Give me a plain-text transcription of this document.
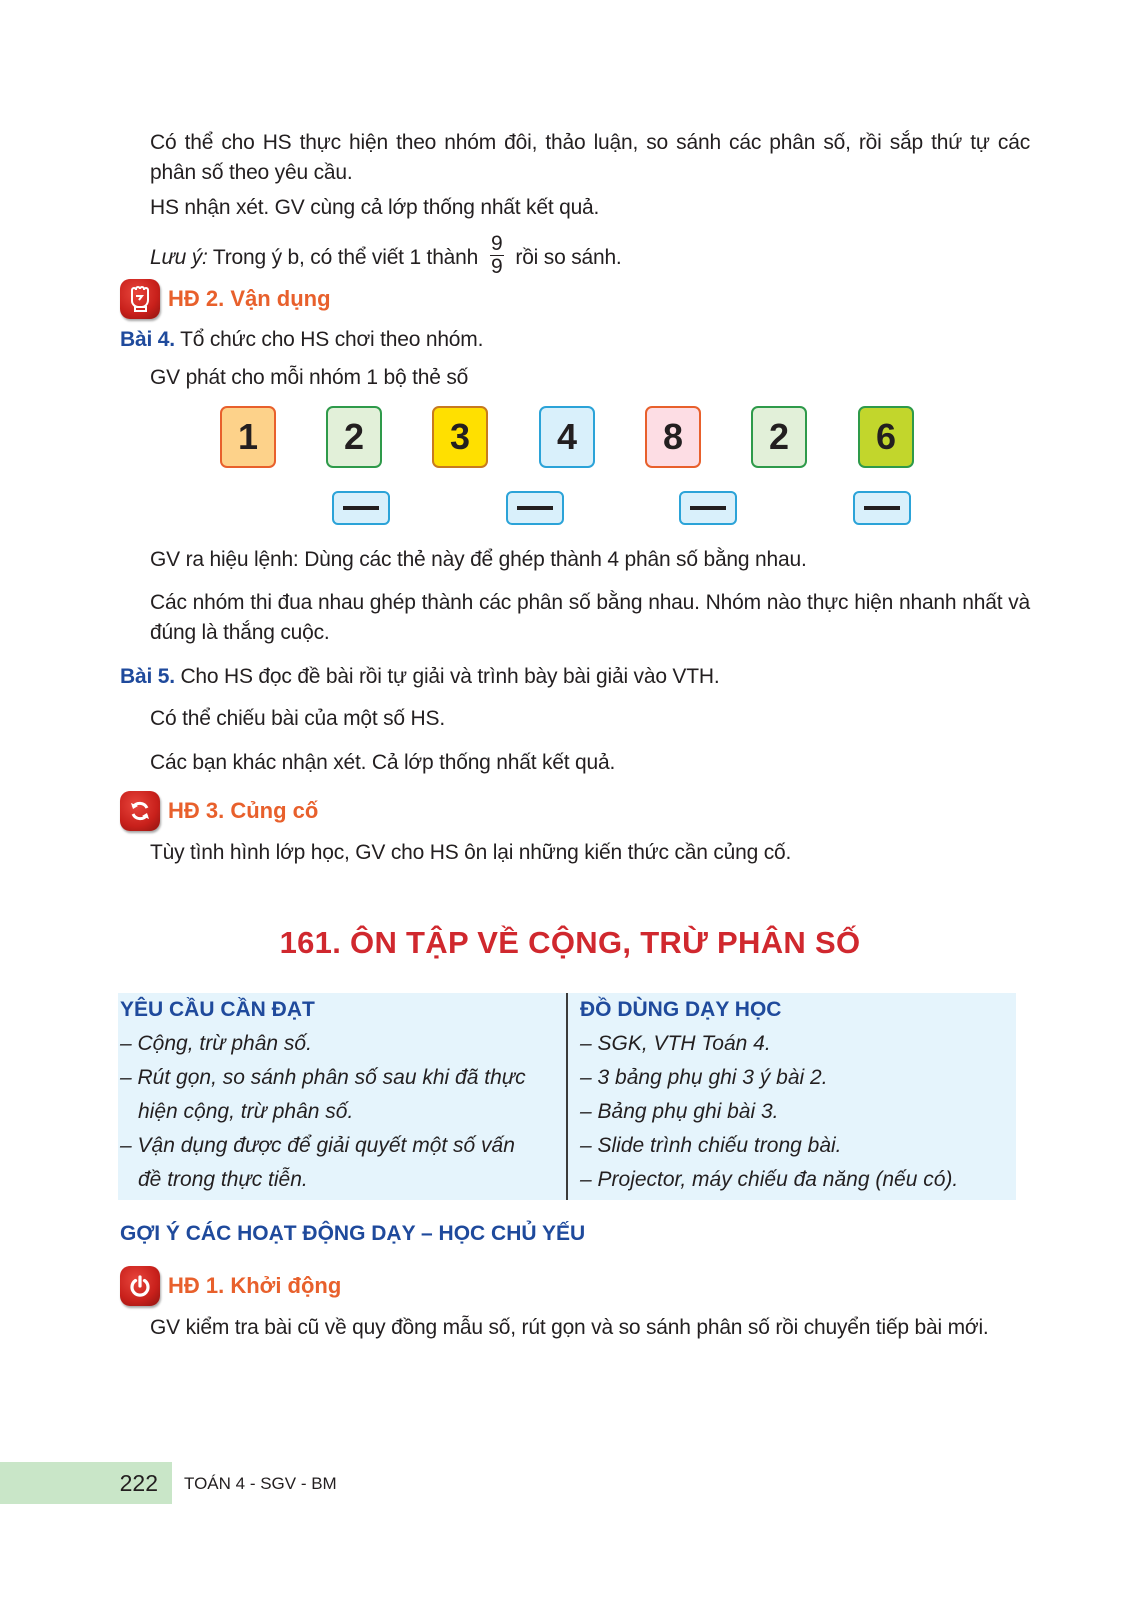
Có thể cho HS thực hiện theo nhóm đôi, thảo luận, so sánh các phân số, rồi sắp thứ tự các phân số theo yêu cầu.
HS nhận xét. GV cùng cả lớp thống nhất kết quả.
Lưu ý: Trong ý b, có thể viết 1 thành $\frac{9}{9}$ rồi so sánh.
HĐ 2. Vận dụng
Bài 4. Tổ chức cho HS chơi theo nhóm.
GV phát cho mỗi nhóm 1 bộ thẻ số
1	2	3	4	8	2	6
GV ra hiệu lệnh: Dùng các thẻ này để ghép thành 4 phân số bằng nhau.
Các nhóm thi đua nhau ghép thành các phân số bằng nhau. Nhóm nào thực hiện nhanh nhất và đúng là thắng cuộc.
Bài 5. Cho HS đọc đề bài rồi tự giải và trình bày bài giải vào VTH.
Có thể chiếu bài của một số HS.
Các bạn khác nhận xét. Cả lớp thống nhất kết quả.
HĐ 3. Củng cố
Tùy tình hình lớp học, GV cho HS ôn lại những kiến thức cần củng cố.
161. ÔN TẬP VỀ CỘNG, TRỪ PHÂN SỐ
YÊU CẦU CẦN ĐẠT
– Cộng, trừ phân số.
– Rút gọn, so sánh phân số sau khi đã thực
hiện cộng, trừ phân số.
– Vận dụng được để giải quyết một số vấn
đề trong thực tiễn.
ĐỒ DÙNG DẠY HỌC
– SGK, VTH Toán 4.
– 3 bảng phụ ghi 3 ý bài 2.
– Bảng phụ ghi bài 3.
– Slide trình chiếu trong bài.
– Projector, máy chiếu đa năng (nếu có).
GỢI Ý CÁC HOẠT ĐỘNG DẠY – HỌC CHỦ YẾU
HĐ 1. Khởi động
GV kiểm tra bài cũ về quy đồng mẫu số, rút gọn và so sánh phân số rồi chuyển tiếp bài mới.
222 TOÁN 4 - SGV - BM
